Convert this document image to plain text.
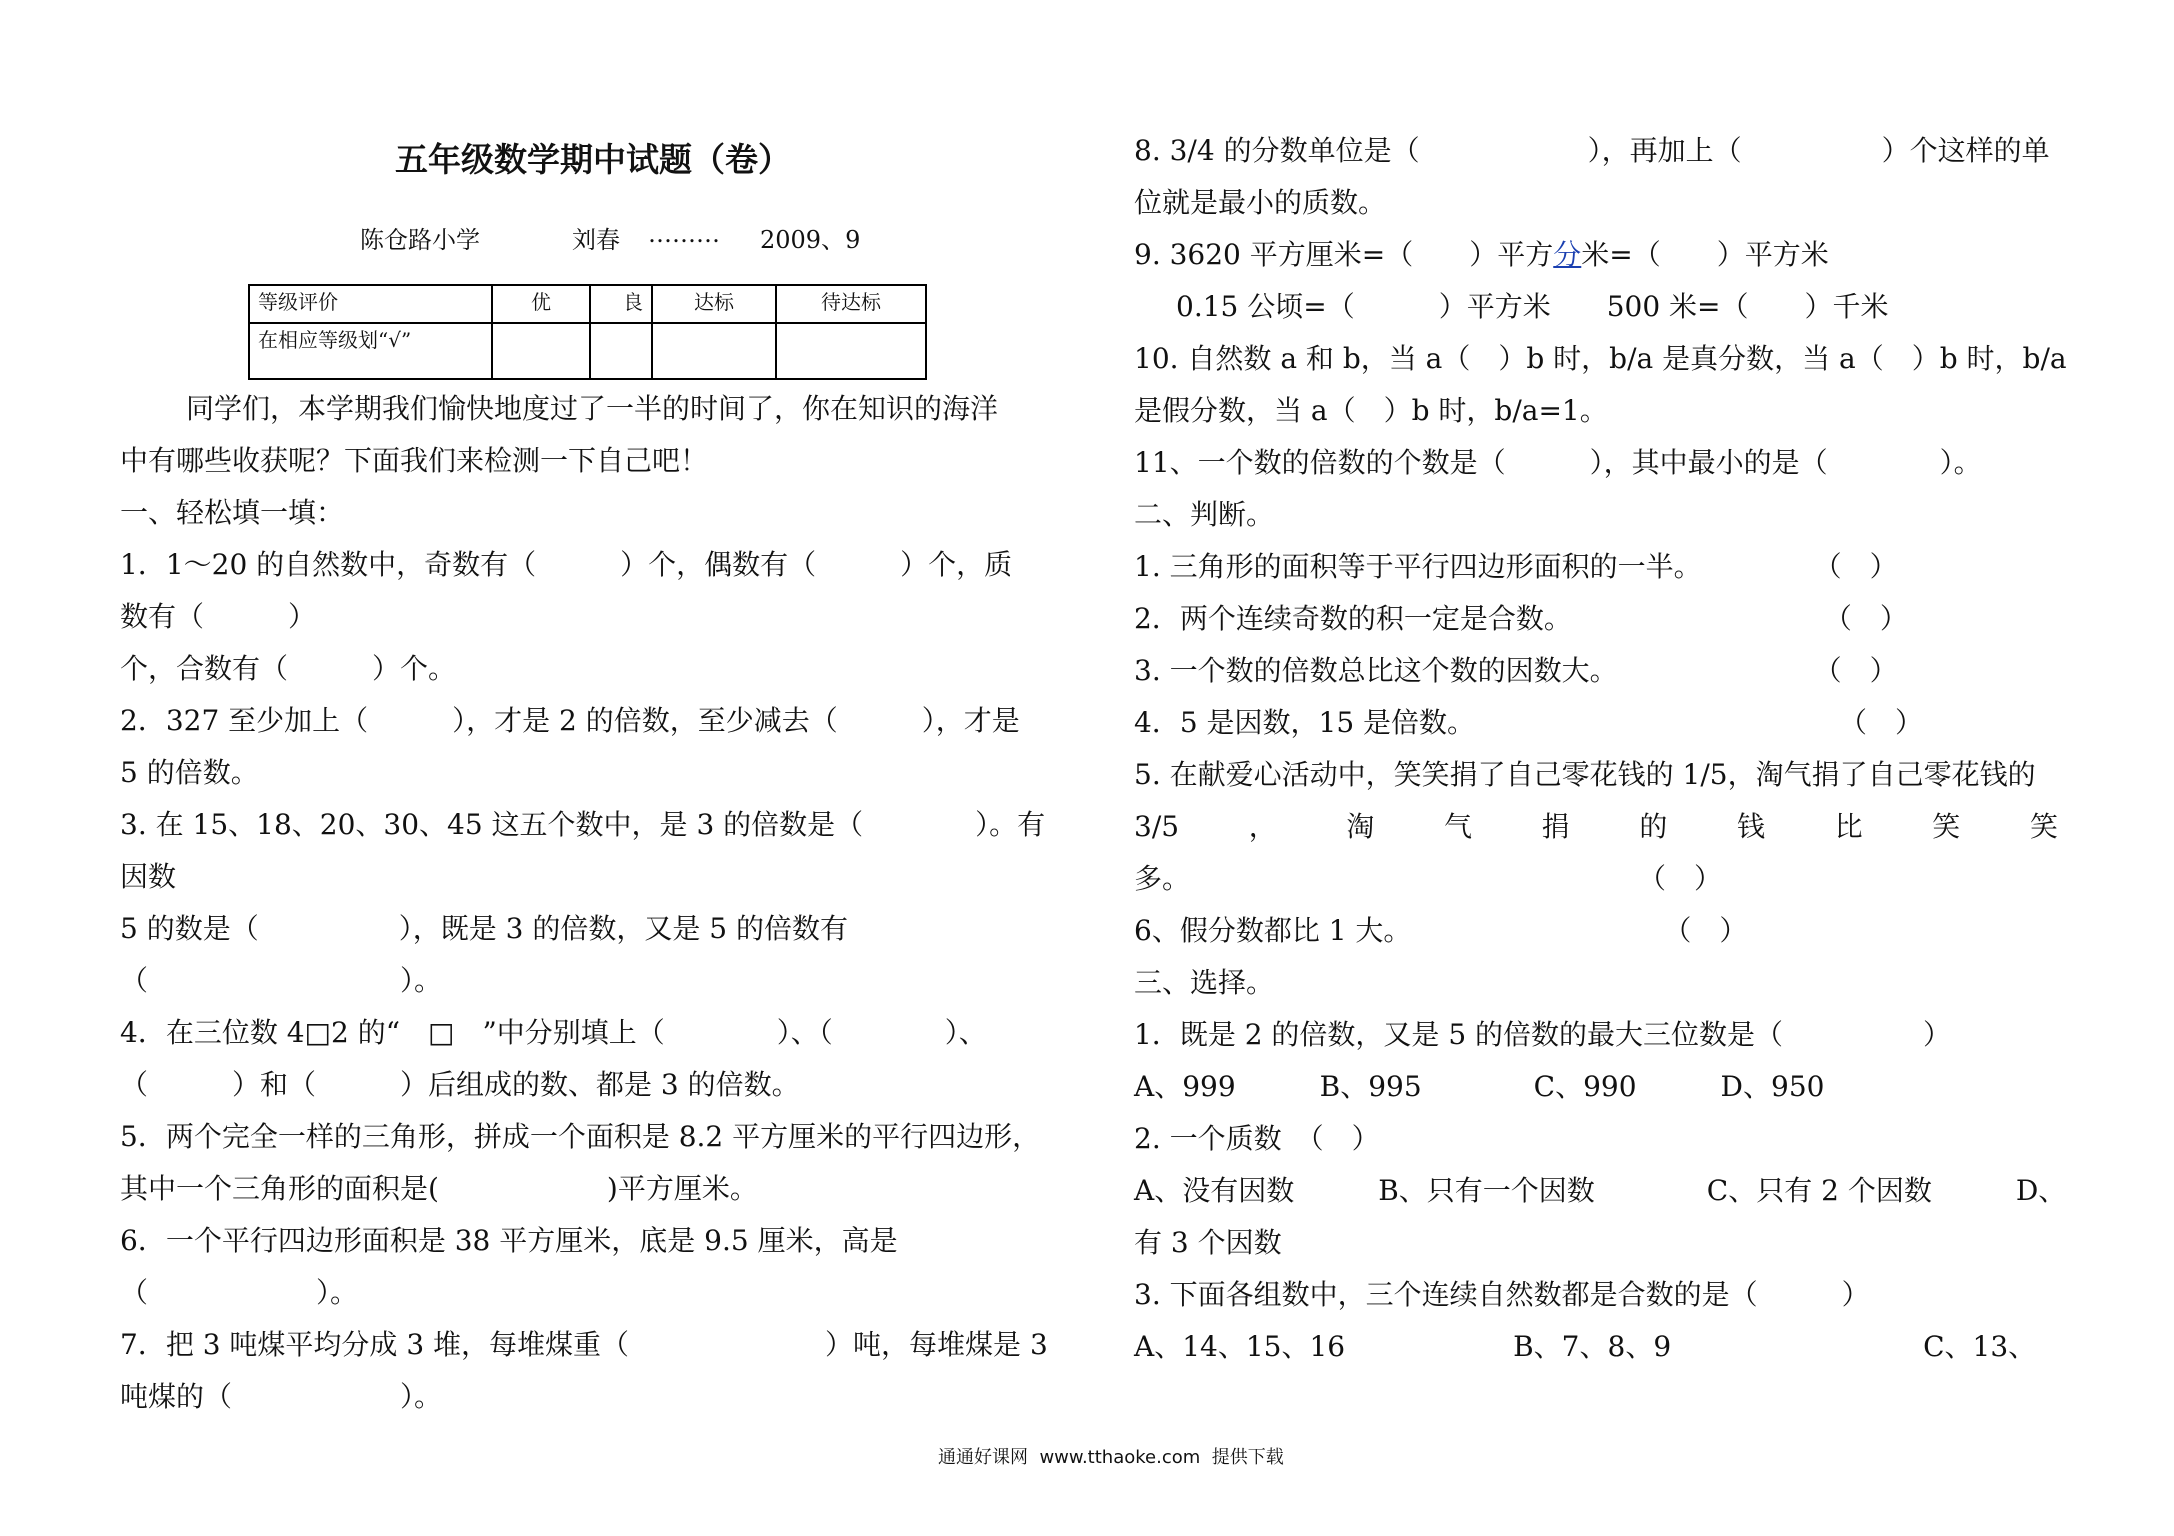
五年级数学期中试题（卷）
陈仓路小学	刘春 ……… 2009、9
等级评价	优	良	达标	待达标
在相应等级划“√”				
同学们，本学期我们愉快地度过了一半的时间了，你在知识的海洋
中有哪些收获呢？下面我们来检测一下自己吧！
一、轻松填一填：
1．1～20 的自然数中，奇数有（　　　）个，偶数有（　　　）个，质
数有（　　　）
个，合数有（　　　）个。
2．327 至少加上（　　　），才是 2 的倍数，至少减去（　　　），才是
5 的倍数。
3. 在 15、18、20、30、45 这五个数中，是 3 的倍数是（　　　　）。有
因数
5 的数是（　　　　　），既是 3 的倍数，又是 5 的倍数有
（　　　　　　　　　）。
4．在三位数 4□2 的“　□　”中分别填上（　　　　）、（　　　　）、
（　　　）和（　　　）后组成的数、都是 3 的倍数。
5．两个完全一样的三角形，拼成一个面积是 8.2 平方厘米的平行四边形，
其中一个三角形的面积是(　　　　　　)平方厘米。
6．一个平行四边形面积是 38 平方厘米，底是 9.5 厘米，高是
（　　　　　　）。
7．把 3 吨煤平均分成 3 堆，每堆煤重（　　　　　　　）吨，每堆煤是 3
吨煤的（　　　　　　）。
8. 3/4 的分数单位是（　　　　　　），再加上（　　　　　）个这样的单
位就是最小的质数。
9. 3620 平方厘米=（　　）平方分米=（　　）平方米
0.15 公顷=（　　　）平方米　　500 米=（　　）千米
10. 自然数 a 和 b，当 a（　）b 时，b/a 是真分数，当 a（　）b 时，b/a
是假分数，当 a（　）b 时，b/a=1。
11、一个数的倍数的个数是（　　　），其中最小的是（　　　　）。
二、判断。
1. 三角形的面积等于平行四边形面积的一半。　　　　　（　）
2．两个连续奇数的积一定是合数。　　　　　　　　　　（　）
3. 一个数的倍数总比这个数的因数大。　　　　　　　　（　）
4．5 是因数，15 是倍数。　　　　　　　　　　　　　　（　）
5. 在献爱心活动中，笑笑捐了自己零花钱的 1/5，淘气捐了自己零花钱的
3/5 ， 淘 气 捐 的 钱 比 笑 笑
多。　　　　　　　　　　　　　　　　　（　）
6、假分数都比 1 大。　　　　　　　　　　（　）
三、选择。
1．既是 2 的倍数，又是 5 的倍数的最大三位数是（　　　　　）
A、999　　　B、995　　　　C、990　　　D、950
2. 一个质数　（　）
A、没有因数　　　B、只有一个因数　　　　C、只有 2 个因数　　　D、
有 3 个因数
3. 下面各组数中，三个连续自然数都是合数的是（　　　）
A、14、15、16　　　　　　B、7、8、9　　　　　　　　　C、13、
通通好课网  www.tthaoke.com  提供下载
